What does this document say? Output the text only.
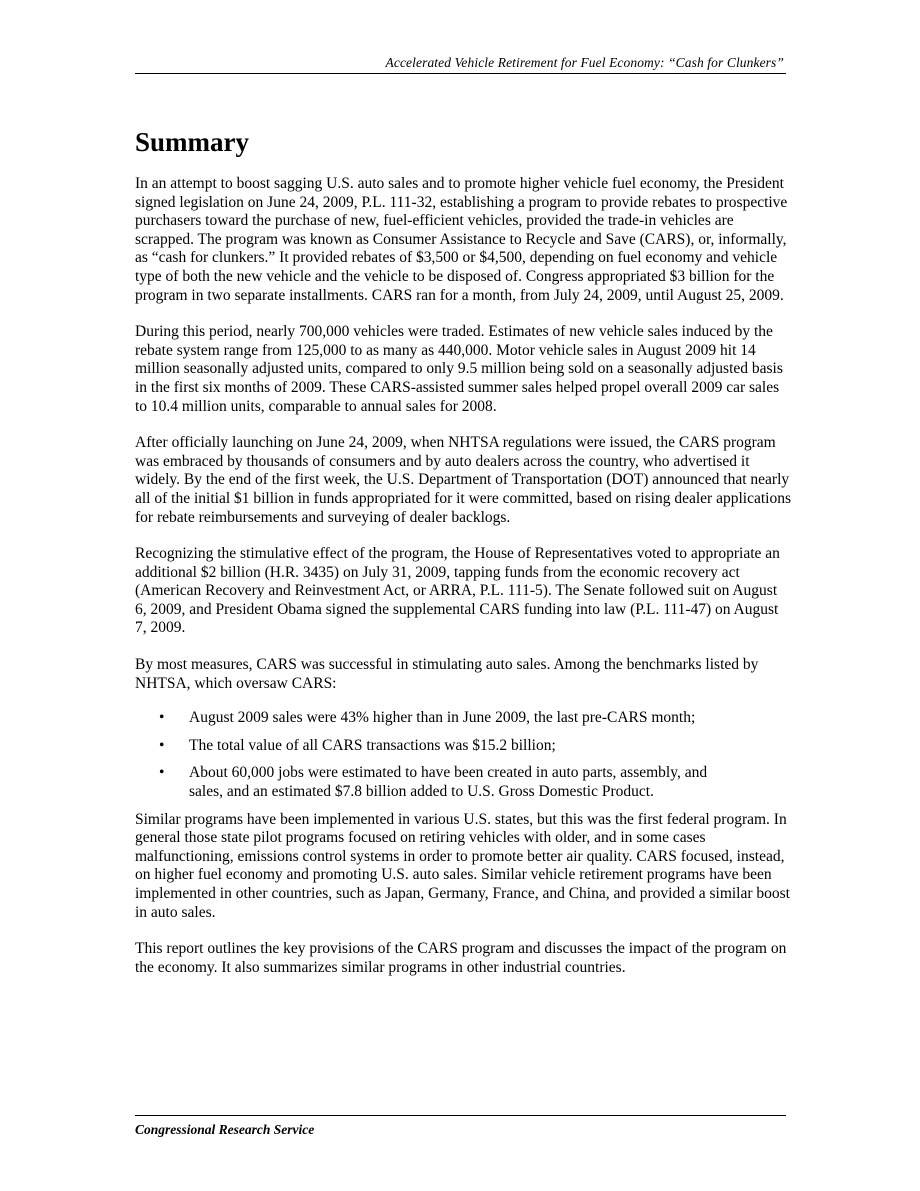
Accelerated Vehicle Retirement for Fuel Economy: “Cash for Clunkers”
Summary

In an attempt to boost sagging U.S. auto sales and to promote higher vehicle fuel economy, the President signed legislation on June 24, 2009, P.L. 111-32, establishing a program to provide rebates to prospective purchasers toward the purchase of new, fuel-efficient vehicles, provided the trade-in vehicles are scrapped. The program was known as Consumer Assistance to Recycle and Save (CARS), or, informally, as “cash for clunkers.” It provided rebates of $3,500 or $4,500, depending on fuel economy and vehicle type of both the new vehicle and the vehicle to be disposed of. Congress appropriated $3 billion for the program in two separate installments. CARS ran for a month, from July 24, 2009, until August 25, 2009.

During this period, nearly 700,000 vehicles were traded. Estimates of new vehicle sales induced by the rebate system range from 125,000 to as many as 440,000. Motor vehicle sales in August 2009 hit 14 million seasonally adjusted units, compared to only 9.5 million being sold on a seasonally adjusted basis in the first six months of 2009. These CARS-assisted summer sales helped propel overall 2009 car sales to 10.4 million units, comparable to annual sales for 2008.

After officially launching on June 24, 2009, when NHTSA regulations were issued, the CARS program was embraced by thousands of consumers and by auto dealers across the country, who advertised it widely. By the end of the first week, the U.S. Department of Transportation (DOT) announced that nearly all of the initial $1 billion in funds appropriated for it were committed, based on rising dealer applications for rebate reimbursements and surveying of dealer backlogs.

Recognizing the stimulative effect of the program, the House of Representatives voted to appropriate an additional $2 billion (H.R. 3435) on July 31, 2009, tapping funds from the economic recovery act (American Recovery and Reinvestment Act, or ARRA, P.L. 111-5). The Senate followed suit on August 6, 2009, and President Obama signed the supplemental CARS funding into law (P.L. 111-47) on August 7, 2009.

By most measures, CARS was successful in stimulating auto sales. Among the benchmarks listed by NHTSA, which oversaw CARS:

• August 2009 sales were 43% higher than in June 2009, the last pre-CARS month;
• The total value of all CARS transactions was $15.2 billion;
• About 60,000 jobs were estimated to have been created in auto parts, assembly, and sales, and an estimated $7.8 billion added to U.S. Gross Domestic Product.

Similar programs have been implemented in various U.S. states, but this was the first federal program. In general those state pilot programs focused on retiring vehicles with older, and in some cases malfunctioning, emissions control systems in order to promote better air quality. CARS focused, instead, on higher fuel economy and promoting U.S. auto sales. Similar vehicle retirement programs have been implemented in other countries, such as Japan, Germany, France, and China, and provided a similar boost in auto sales.

This report outlines the key provisions of the CARS program and discusses the impact of the program on the economy. It also summarizes similar programs in other industrial countries.

Congressional Research Service
